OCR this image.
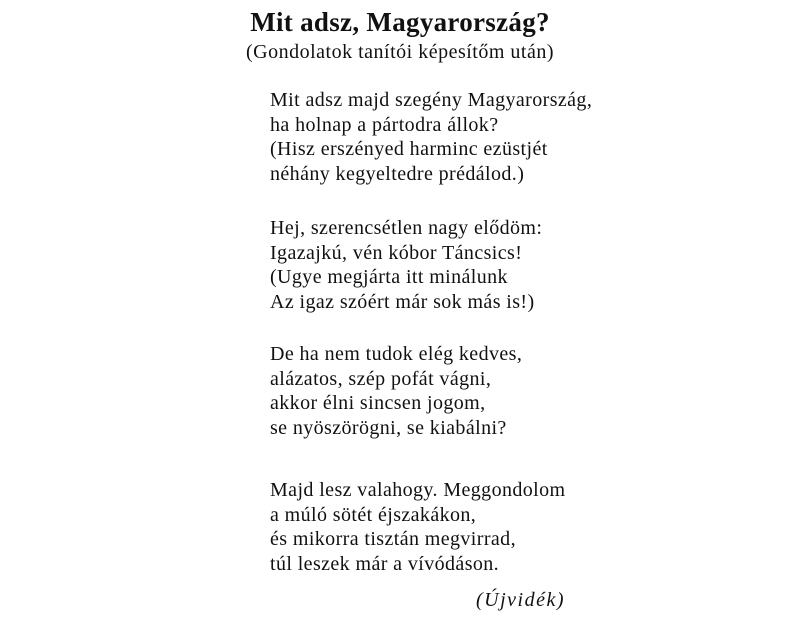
Mit adsz, Magyarország?

(Gondolatok tanítói képesítőm után)

Mit adsz majd szegény Magyarország,
ha holnap a pártodra állok?
(Hisz erszényed harminc ezüstjét
néhány kegyeltedre prédálod.)
Hej, szerencsétlen nagy elődöm:
Igazajkú, vén kóbor Táncsics!
(Ugye megjárta itt minálunk
Az igaz szóért már sok más is!)
De ha nem tudok elég kedves,
alázatos, szép pofát vágni,
akkor élni sincsen jogom,
se nyöszörögni, se kiabálni?
Majd lesz valahogy. Meggondolom
a múló sötét éjszakákon,
és mikorra tisztán megvirrad,
túl leszek már a vívódáson.

(Újvidék)
